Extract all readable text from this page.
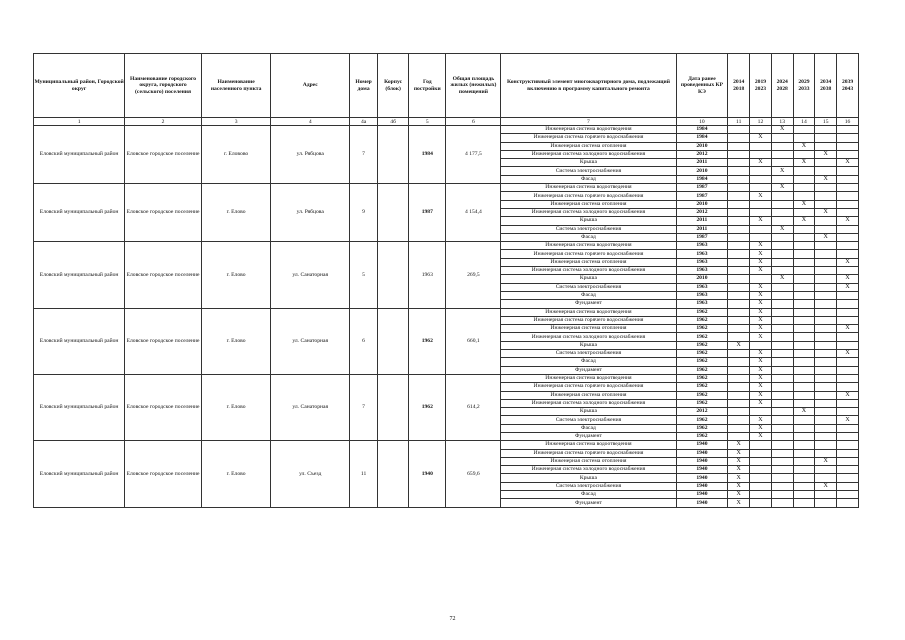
Муниципальный район, Городской округ	Наименование городского округа, городского (сельского) поселения	Наименование населенного пункта	Адрес	Номер дома	Корпус (блок)	Год постройки	Общая площадь жилых (нежилых) помещений	Конструктивный элемент многоквартирного дома, подлежащий включению в программу капитального ремонта	Дата ранее проведенных КР КЭ	2014 2018	2019 2023	2024 2028	2029 2033	2034 2038	2039 2043
1	2	3	4	4а	4б	5	6	7	10	11	12	13	14	15	16
Еловский муниципальный район	Еловское городское поселение	г. Еловово	ул. Рябцова	7		1984	4 177,5	Инженерная система водоотведения	1984			X			
								Инженерная система горячего водоснабжения	1984		X				
								Инженерная система отопления	2010				X		
								Инженерная система холодного водоснабжения	2012					X	
								Крыша	2011		X		X		X
								Система электроснабжения	2010			X			
								Фасад	1984					X	
Еловский муниципальный район	Еловское городское поселение	г. Елово	ул. Рябцова	9		1987	4 154,4	Инженерная система водоотведения	1987			X			
								Инженерная система горячего водоснабжения	1987		X				
								Инженерная система отопления	2010				X		
								Инженерная система холодного водоснабжения	2012					X	
								Крыша	2011		X		X		X
								Система электроснабжения	2011			X			
								Фасад	1987					X	
Еловский муниципальный район	Еловское городское поселение	г. Елово	ул. Санаторная	5		1963	269,5	Инженерная система водоотведения	1963		X				
								Инженерная система горячего водоснабжения	1963		X				
								Инженерная система отопления	1963		X				X
								Инженерная система холодного водоснабжения	1963		X				
								Крыша	2010			X			X
								Система электроснабжения	1963		X				X
								Фасад	1963		X				
								Фундамент	1963		X				
Еловский муниципальный район	Еловское городское поселение	г. Елово	ул. Санаторная	6		1962	660,1	Инженерная система водоотведения	1962		X				
								Инженерная система горячего водоснабжения	1962		X				
								Инженерная система отопления	1962		X				X
								Инженерная система холодного водоснабжения	1962		X				
								Крыша	1962	X					
								Система электроснабжения	1962		X				X
								Фасад	1962		X				
								Фундамент	1962		X				
Еловский муниципальный район	Еловское городское поселение	г. Елово	ул. Санаторная	7		1962	614,2	Инженерная система водоотведения	1962		X				
								Инженерная система горячего водоснабжения	1962		X				
								Инженерная система отопления	1962		X				X
								Инженерная система холодного водоснабжения	1962		X				
								Крыша	2012				X		
								Система электроснабжения	1962		X				X
								Фасад	1962		X				
								Фундамент	1962		X				
Еловский муниципальный район	Еловское городское поселение	г. Елово	ул. Съезд	11		1940	659,6	Инженерная система водоотведения	1940	X					
								Инженерная система горячего водоснабжения	1940	X					
								Инженерная система отопления	1940	X				X	
								Инженерная система холодного водоснабжения	1940	X					
								Крыша	1940	X					
								Система электроснабжения	1940	X				X	
								Фасад	1940	X					
								Фундамент	1940	X					
72
